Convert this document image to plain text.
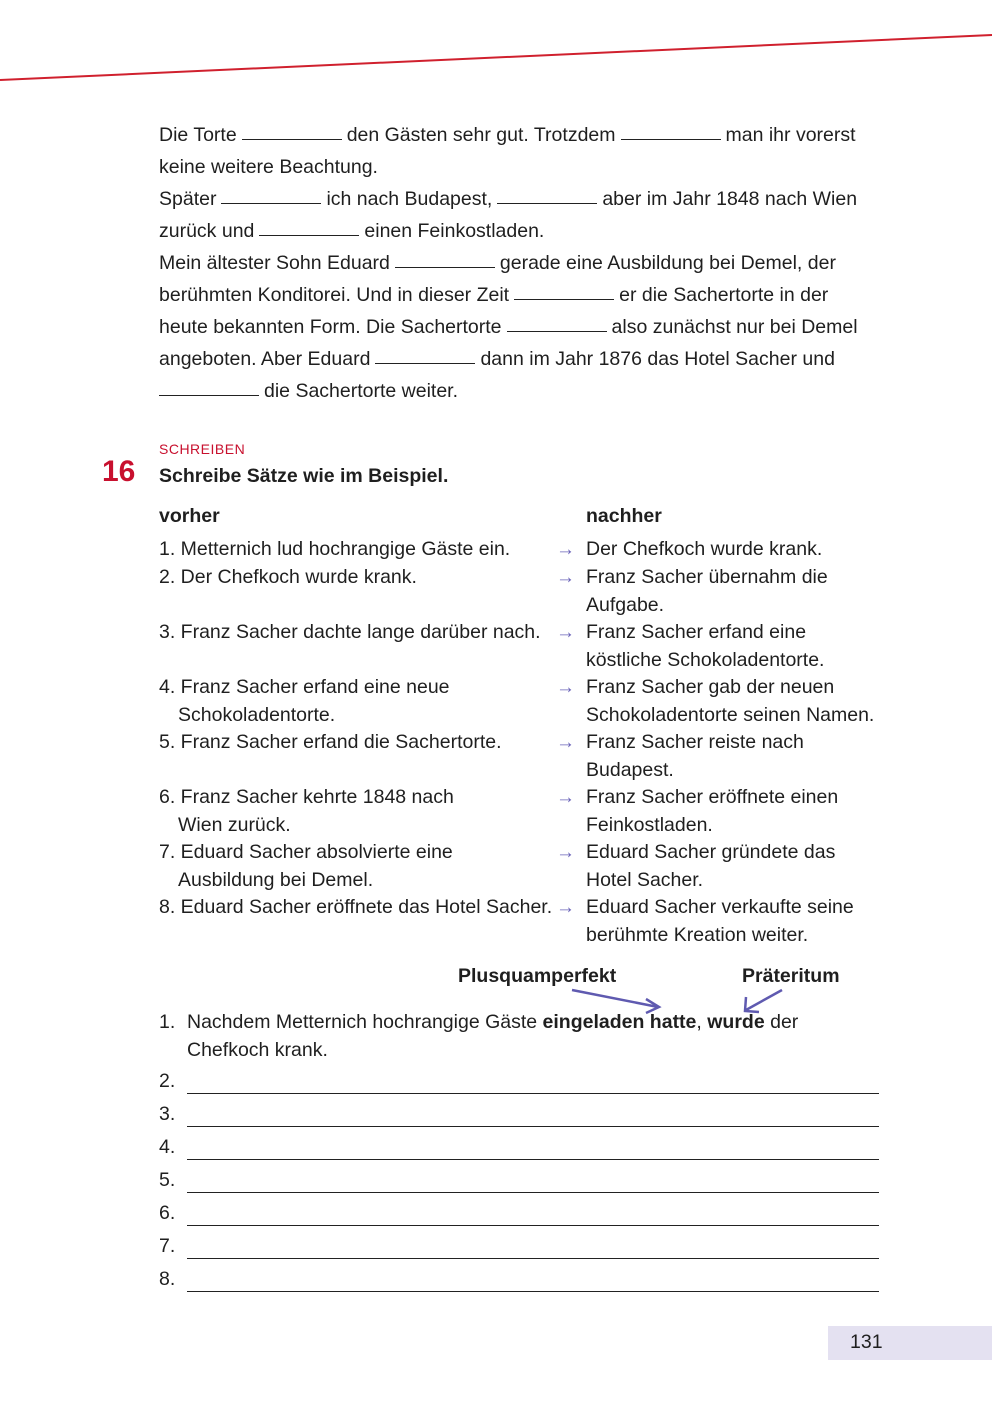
Die Torte	den Gästen sehr gut. Trotzdem	man ihr vorerst
keine weitere Beachtung.
Später	ich nach Budapest,	aber im Jahr 1848 nach Wien
zurück und	einen Feinkostladen.
Mein ältester Sohn Eduard	gerade eine Ausbildung bei Demel, der
berühmten Konditorei. Und in dieser Zeit	er die Sachertorte in der
heute bekannten Form. Die Sachertorte	also zunächst nur bei Demel
angeboten. Aber Eduard	dann im Jahr 1876 das Hotel Sacher und
die Sachertorte weiter.
SCHREIBEN
16 Schreibe Sätze wie im Beispiel.
vorher	nachher
1. Metternich lud hochrangige Gäste ein.	→ Der Chefkoch wurde krank.
2. Der Chefkoch wurde krank.	→ Franz Sacher übernahm die
Aufgabe.
3. Franz Sacher dachte lange darüber nach. → Franz Sacher erfand eine
köstliche Schokoladentorte.
4. Franz Sacher erfand eine neue
Schokoladentorte.
→ Franz Sacher gab der neuen
Schokoladentorte seinen Namen.
5. Franz Sacher erfand die Sachertorte.	→ Franz Sacher reiste nach
Budapest.
6. Franz Sacher kehrte 1848 nach
Wien zurück.
→ Franz Sacher eröffnete einen
Feinkostladen.
7. Eduard Sacher absolvierte eine
Ausbildung bei Demel.
→ Eduard Sacher gründete das
Hotel Sacher.
8. Eduard Sacher eröffnete das Hotel Sacher. → Eduard Sacher verkaufte seine
berühmte Kreation weiter.
Plusquamperfekt	Präteritum
1. Nachdem Metternich hochrangige Gäste eingeladen hatte, wurde der
Chefkoch krank.
2.
3.
4.
5.
6.
7.
8.
131
